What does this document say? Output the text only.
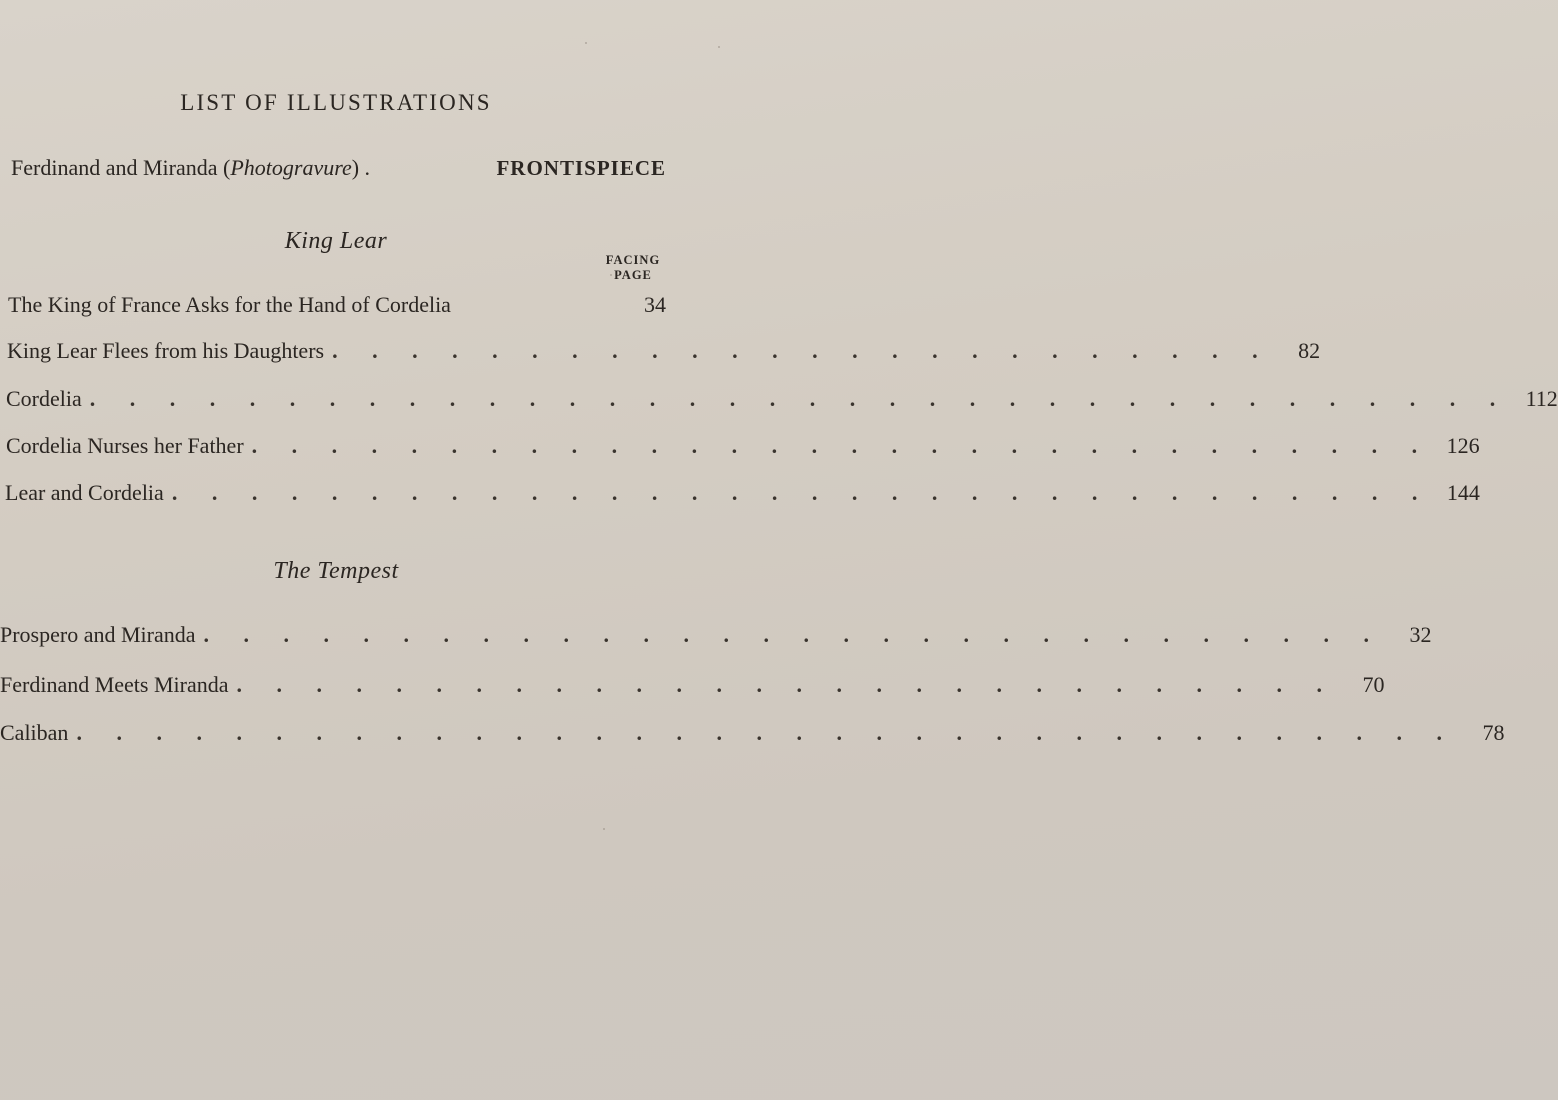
LIST OF ILLUSTRATIONS
Ferdinand and Miranda ( Photogravure ) .	FRONTISPIECE
King Lear
FACING
PAGE
The King of France Asks for the Hand of Cordelia	34
King Lear Flees from his Daughters . . . . . . . . . . . . . . . . . . . . . . . .	82
Cordelia . . . . . . . . . . . . . . . . . . . . . . . . . . . . . . . . . . . . 112
Cordelia Nurses her Father . . . . . . . . . . . . . . . . . . . . . . . . . . . . . . 126
Lear and Cordelia . . . . . . . . . . . . . . . . . . . . . . . . . . . . . . . . 144
The Tempest
Prospero and Miranda . . . . . . . . . . . . . . . . . . . . . . . . . . . . . .	32
Ferdinand Meets Miranda . . . . . . . . . . . . . . . . . . . . . . . . . . . .	70
Caliban . . . . . . . . . . . . . . . . . . . . . . . . . . . . . . . . . . .	78
